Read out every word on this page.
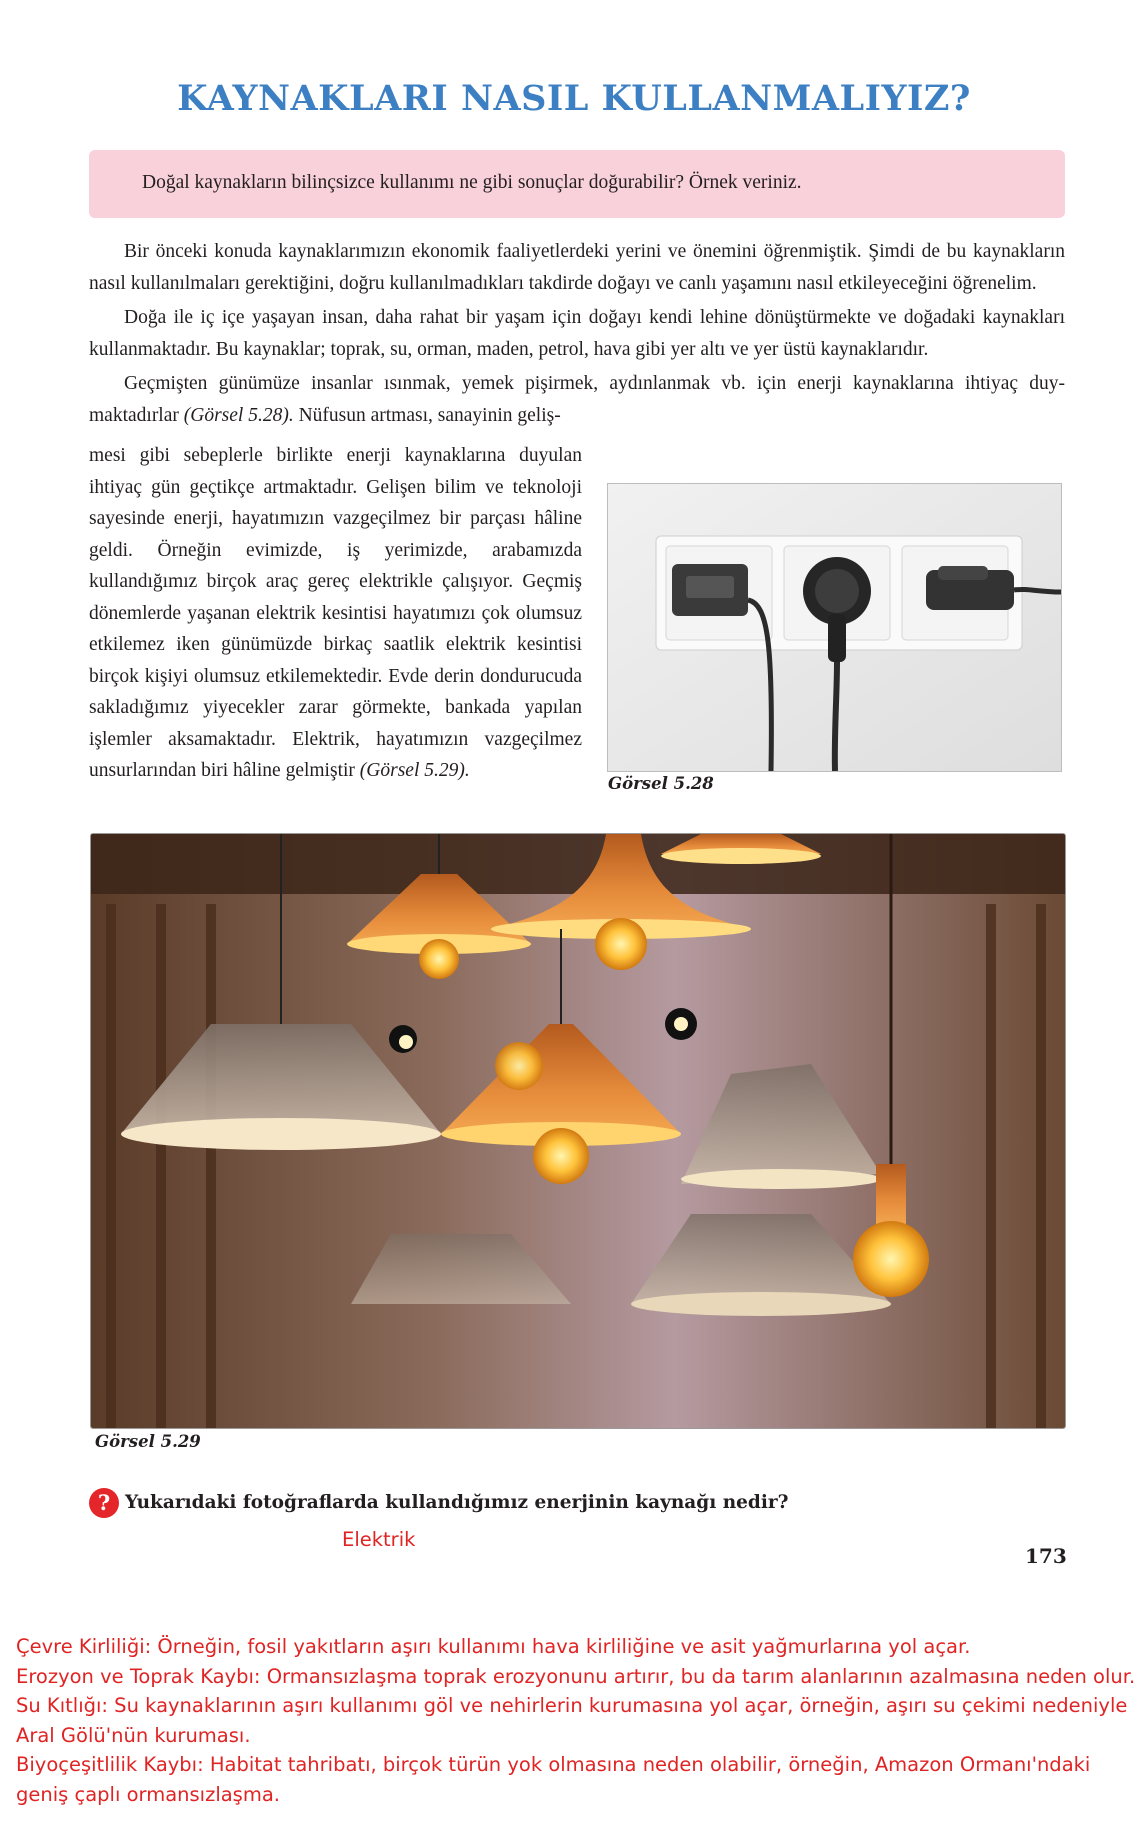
KAYNAKLARI NASIL KULLANMALIYIZ?
Doğal kaynakların bilinçsizce kullanımı ne gibi sonuçlar doğurabilir? Örnek veriniz.

Bir önceki konuda kaynaklarımızın ekonomik faaliyetlerdeki yerini ve önemini öğrenmiştik. Şimdi de bu kaynakların nasıl kullanılmaları gerektiğini, doğru kullanılmadıkları takdirde doğayı ve canlı yaşamını nasıl etkileyeceğini öğrenelim.

Doğa ile iç içe yaşayan insan, daha rahat bir yaşam için doğayı kendi lehine dönüştürmekte ve doğadaki kaynakları kullanmaktadır. Bu kaynaklar; toprak, su, orman, maden, petrol, hava gibi yer altı ve yer üstü kaynaklarıdır.

Geçmişten günümüze insanlar ısınmak, yemek pişirmek, aydınlanmak vb. için enerji kaynaklarına ihtiyaç duy-

maktadırlar (Görsel 5.28). Nüfusun artması, sanayinin geliş-

mesi gibi sebeplerle birlikte enerji kaynaklarına duyulan ihtiyaç gün geçtikçe artmaktadır. Gelişen bilim ve teknoloji sayesinde enerji, hayatımızın vazgeçilmez bir parçası hâline geldi. Örneğin evimizde, iş yerimizde, arabamızda kullandığımız birçok araç gereç elektrikle çalışıyor. Geçmiş dönemlerde yaşanan elektrik kesintisi hayatımızı çok olumsuz etkilemez iken günümüzde birkaç saatlik elektrik kesintisi birçok kişiyi olumsuz etkilemektedir. Evde derin dondurucuda sakladığımız yiyecekler zarar görmekte, bankada yapılan işlemler aksamaktadır. Elektrik, hayatımızın vazgeçilmez unsurlarından biri hâline gelmiştir (Görsel 5.29).

Görsel 5.28
Görsel 5.29
? Yukarıdaki fotoğraflarda kullandığımız enerjinin kaynağı nedir?
Elektrik
173
Çevre Kirliliği: Örneğin, fosil yakıtların aşırı kullanımı hava kirliliğine ve asit yağmurlarına yol açar.
Erozyon ve Toprak Kaybı: Ormansızlaşma toprak erozyonunu artırır, bu da tarım alanlarının azalmasına neden olur.
Su Kıtlığı: Su kaynaklarının aşırı kullanımı göl ve nehirlerin kurumasına yol açar, örneğin, aşırı su çekimi nedeniyle Aral Gölü'nün kuruması.
Biyoçeşitlilik Kaybı: Habitat tahribatı, birçok türün yok olmasına neden olabilir, örneğin, Amazon Ormanı'ndaki geniş çaplı ormansızlaşma.
